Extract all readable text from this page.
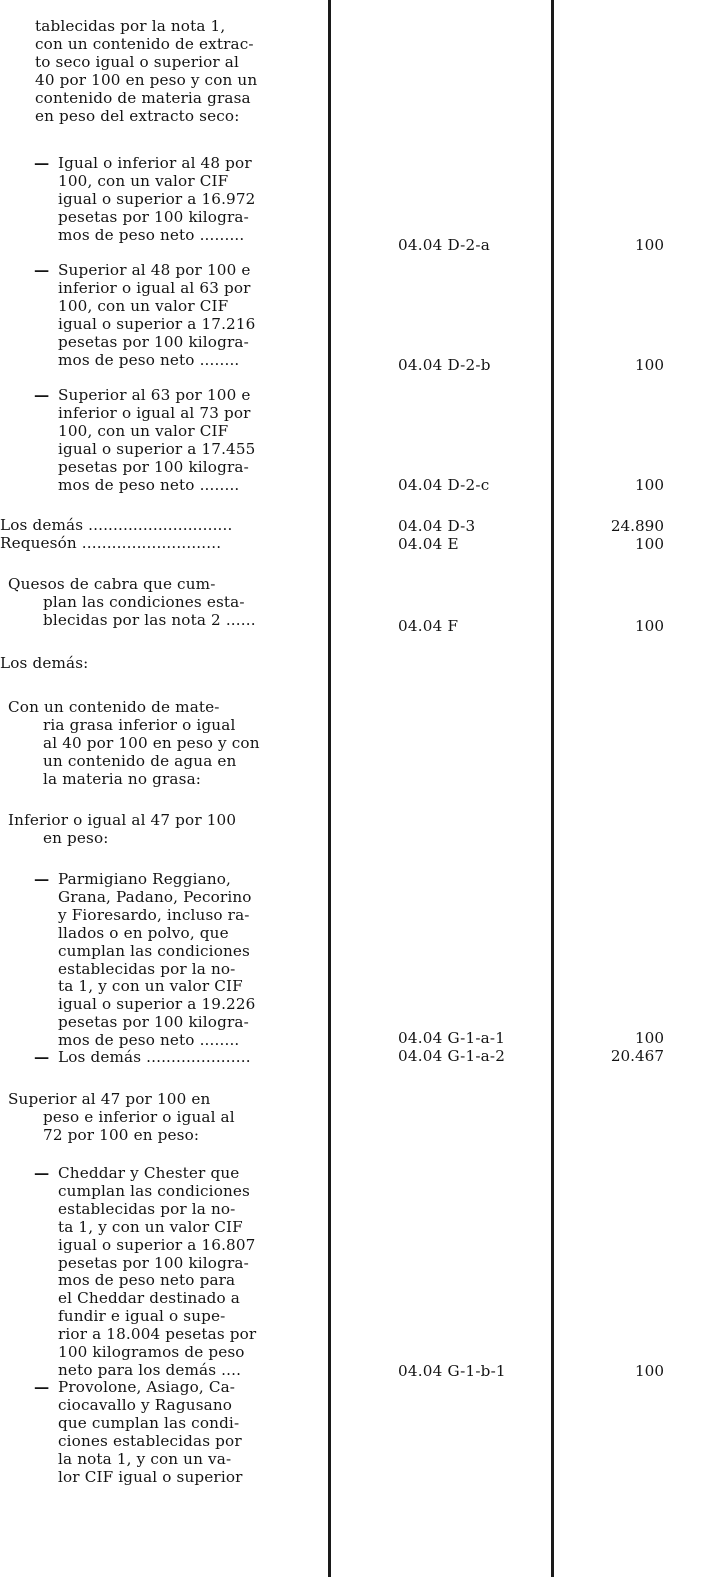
tablecidas por la nota 1,
con un contenido de extrac-
to seco igual o superior al
40 por 100 en peso y con un
contenido de materia grasa
en peso del extracto seco:
— Igual o inferior al 48 por
100, con un valor CIF
igual o superior a 16.972
pesetas por 100 kilogra-
mos de peso neto .........
— Superior al 48 por 100 e
inferior o igual al 63 por
100, con un valor CIF
igual o superior a 17.216
pesetas por 100 kilogra-
mos de peso neto ........
— Superior al 63 por 100 e
inferior o igual al 73 por
100, con un valor CIF
igual o superior a 17.455
pesetas por 100 kilogra-
mos de peso neto ........
Los demás .............................
Requesón ............................
Quesos de cabra que cum-
plan las condiciones esta-
blecidas por las nota 2 ......
Los demás:
Con un contenido de mate-
ria grasa inferior o igual
al 40 por 100 en peso y con
un contenido de agua en
la materia no grasa:
Inferior o igual al 47 por 100
en peso:
— Parmigiano Reggiano,
Grana, Padano, Pecorino
y Fioresardo, incluso ra-
llados o en polvo, que
cumplan las condiciones
establecidas por la no-
ta 1, y con un valor CIF
igual o superior a 19.226
pesetas por 100 kilogra-
mos de peso neto ........
— Los demás .....................
Superior al 47 por 100 en
peso e inferior o igual al
72 por 100 en peso:
— Cheddar y Chester que
cumplan las condiciones
establecidas por la no-
ta 1, y con un valor CIF
igual o superior a 16.807
pesetas por 100 kilogra-
mos de peso neto para
el Cheddar destinado a
fundir e igual o supe-
rior a 18.004 pesetas por
100 kilogramos de peso
neto para los demás ....
— Provolone, Asiago, Ca-
ciocavallo y Ragusano
que cumplan las condi-
ciones establecidas por
la nota 1, y con un va-
lor CIF igual o superior
04.04 D-2-a
04.04 D-2-b
04.04 D-2-c
04.04 D-3
04.04 E
04.04 F
04.04 G-1-a-1
04.04 G-1-a-2
04.04 G-1-b-1
100
100
100
24.890
100
100
100
20.467
100
